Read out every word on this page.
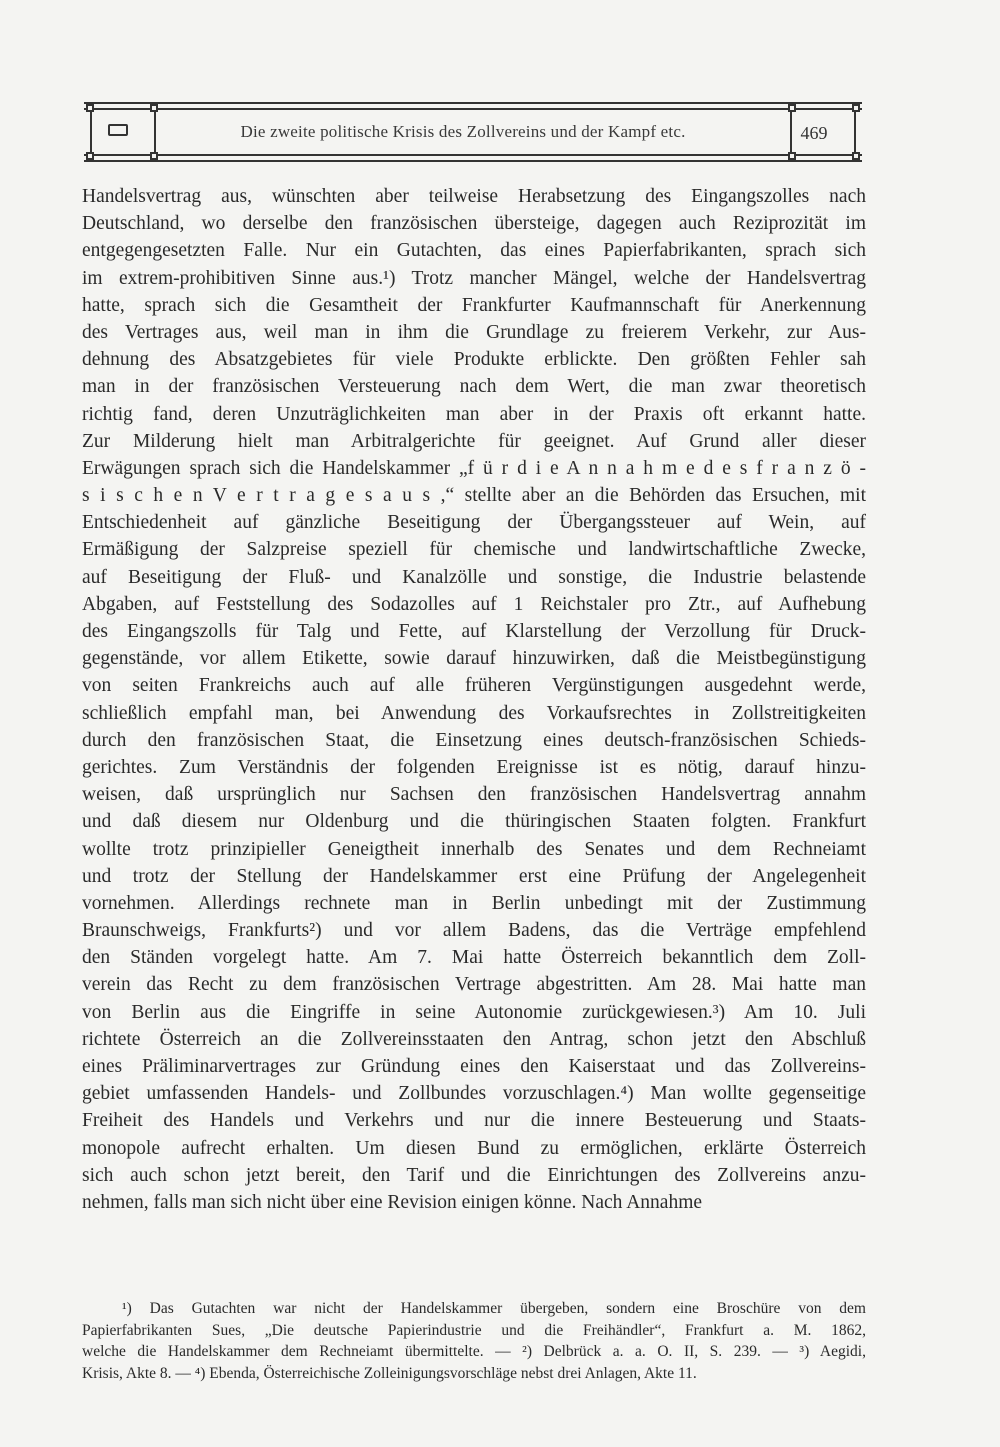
Die zweite politische Krisis des Zollvereins und der Kampf etc.	469
Handelsvertrag aus, wünschten aber teilweise Herabsetzung des Eingangszolles nach
Deutschland, wo derselbe den französischen übersteige, dagegen auch Reziprozität im
entgegengesetzten Falle. Nur ein Gutachten, das eines Papierfabrikanten, sprach sich
im extrem-prohibitiven Sinne aus.¹) Trotz mancher Mängel, welche der Handelsvertrag
hatte, sprach sich die Gesamtheit der Frankfurter Kaufmannschaft für Anerkennung
des Vertrages aus, weil man in ihm die Grundlage zu freierem Verkehr, zur Aus-
dehnung des Absatzgebietes für viele Produkte erblickte. Den größten Fehler sah
man in der französischen Versteuerung nach dem Wert, die man zwar theoretisch
richtig fand, deren Unzuträglichkeiten man aber in der Praxis oft erkannt hatte.
Zur Milderung hielt man Arbitralgerichte für geeignet. Auf Grund aller dieser
Erwägungen sprach sich die Handelskammer „f ü r d i e A n n a h m e d e s f r a n z ö -
s i s c h e n V e r t r a g e s a u s ,“ stellte aber an die Behörden das Ersuchen, mit
Entschiedenheit auf gänzliche Beseitigung der Übergangssteuer auf Wein, auf
Ermäßigung der Salzpreise speziell für chemische und landwirtschaftliche Zwecke,
auf Beseitigung der Fluß- und Kanalzölle und sonstige, die Industrie belastende
Abgaben, auf Feststellung des Sodazolles auf 1 Reichstaler pro Ztr., auf Aufhebung
des Eingangszolls für Talg und Fette, auf Klarstellung der Verzollung für Druck-
gegenstände, vor allem Etikette, sowie darauf hinzuwirken, daß die Meistbegünstigung
von seiten Frankreichs auch auf alle früheren Vergünstigungen ausgedehnt werde,
schließlich empfahl man, bei Anwendung des Vorkaufsrechtes in Zollstreitigkeiten
durch den französischen Staat, die Einsetzung eines deutsch-französischen Schieds-
gerichtes. Zum Verständnis der folgenden Ereignisse ist es nötig, darauf hinzu-
weisen, daß ursprünglich nur Sachsen den französischen Handelsvertrag annahm
und daß diesem nur Oldenburg und die thüringischen Staaten folgten. Frankfurt
wollte trotz prinzipieller Geneigtheit innerhalb des Senates und dem Rechneiamt
und trotz der Stellung der Handelskammer erst eine Prüfung der Angelegenheit
vornehmen. Allerdings rechnete man in Berlin unbedingt mit der Zustimmung
Braunschweigs, Frankfurts²) und vor allem Badens, das die Verträge empfehlend
den Ständen vorgelegt hatte. Am 7. Mai hatte Österreich bekanntlich dem Zoll-
verein das Recht zu dem französischen Vertrage abgestritten. Am 28. Mai hatte man
von Berlin aus die Eingriffe in seine Autonomie zurückgewiesen.³) Am 10. Juli
richtete Österreich an die Zollvereinsstaaten den Antrag, schon jetzt den Abschluß
eines Präliminarvertrages zur Gründung eines den Kaiserstaat und das Zollvereins-
gebiet umfassenden Handels- und Zollbundes vorzuschlagen.⁴) Man wollte gegenseitige
Freiheit des Handels und Verkehrs und nur die innere Besteuerung und Staats-
monopole aufrecht erhalten. Um diesen Bund zu ermöglichen, erklärte Österreich
sich auch schon jetzt bereit, den Tarif und die Einrichtungen des Zollvereins anzu-
nehmen, falls man sich nicht über eine Revision einigen könne. Nach Annahme
¹) Das Gutachten war nicht der Handelskammer übergeben, sondern eine Broschüre von dem
Papierfabrikanten Sues, „Die deutsche Papierindustrie und die Freihändler“, Frankfurt a. M. 1862,
welche die Handelskammer dem Rechneiamt übermittelte. — ²) Delbrück a. a. O. II, S. 239. — ³) Aegidi,
Krisis, Akte 8. — ⁴) Ebenda, Österreichische Zolleinigungsvorschläge nebst drei Anlagen, Akte 11.
